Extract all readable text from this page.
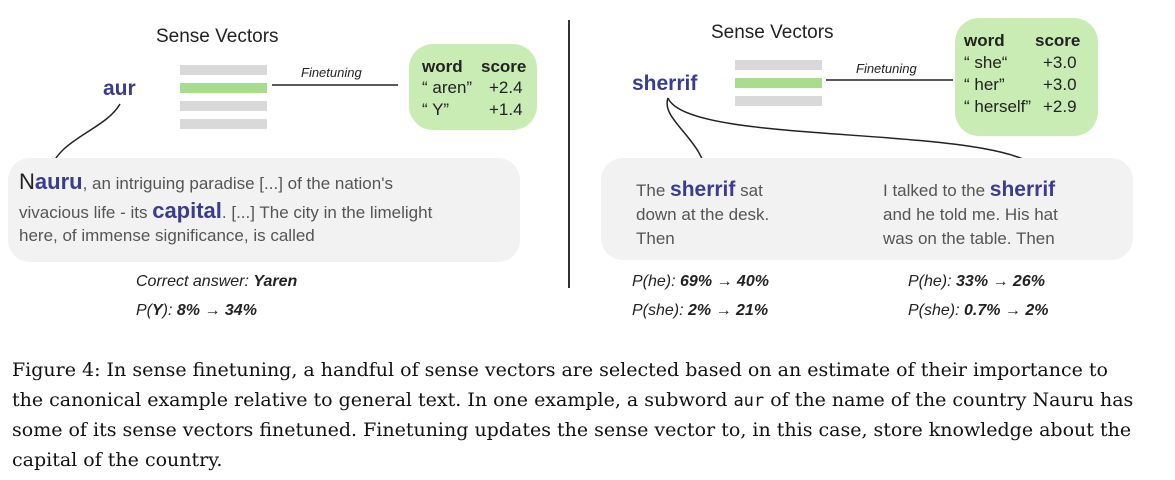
Sense Vectors
aur
Finetuning	word score
“ aren” +2.4
“ Y” +1.4
Nauru, an intriguing paradise [...] of the nation's
vivacious life - its capital. [...] The city in the limelight
here, of immense significance, is called
Correct answer: Yaren
P(Y): 8% → 34%
Sense Vectors
sherrif
Finetuning
word score
“ she“ +3.0
“ her” +3.0
“ herself” +2.9
The sherrif sat
down at the desk.
Then
I talked to the sherrif
and he told me. His hat
was on the table. Then
P(he): 69% → 40%
P(she): 2% → 21%
P(he): 33% → 26%
P(she): 0.7% → 2%
Figure 4: In sense finetuning, a handful of sense vectors are selected based on an estimate of their importance to the canonical example relative to general text. In one example, a subword aur of the name of the country Nauru has some of its sense vectors finetuned. Finetuning updates the sense vector to, in this case, store knowledge about the capital of the country.
